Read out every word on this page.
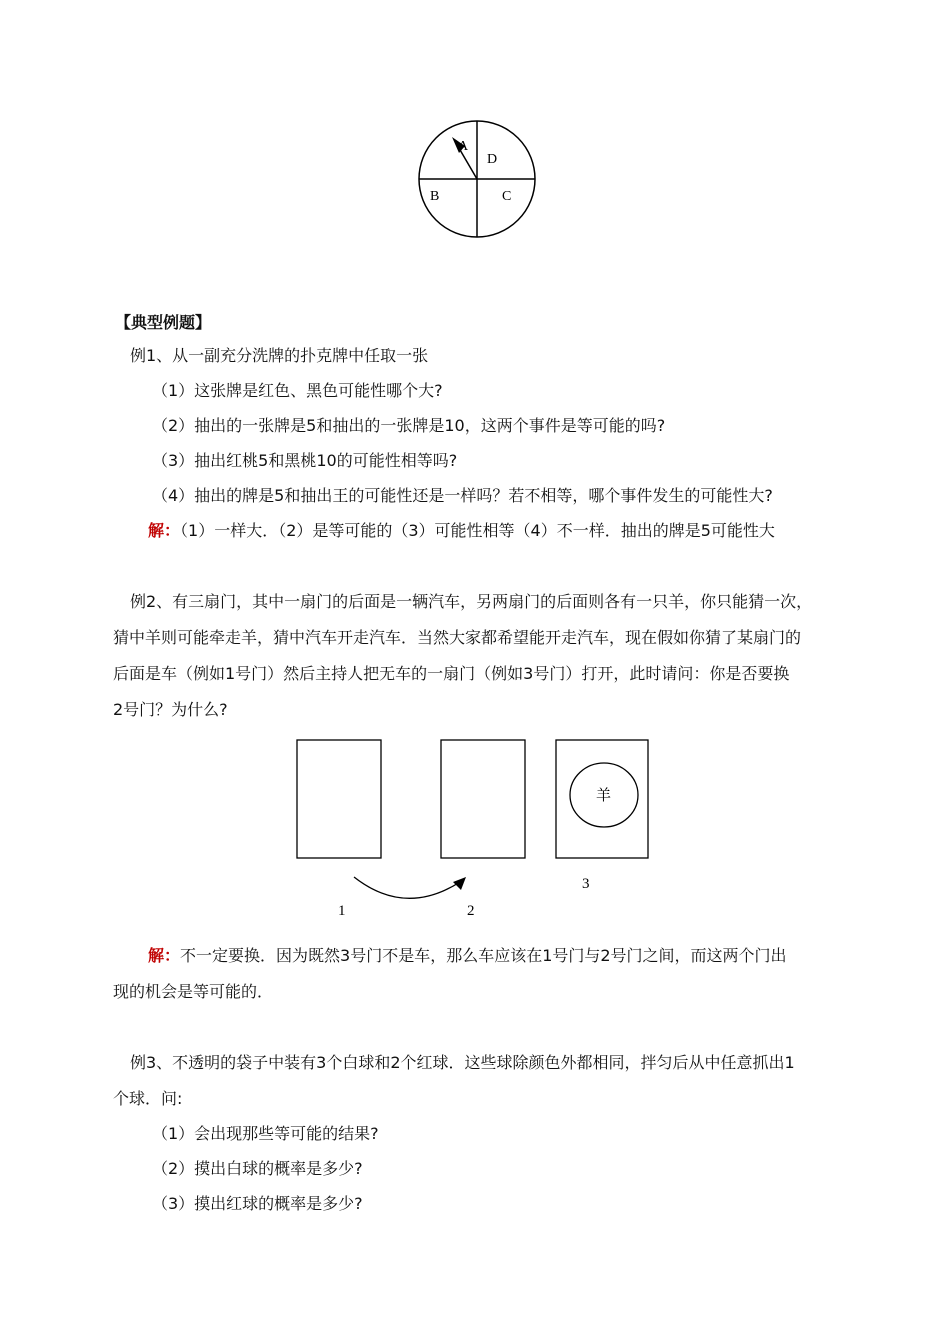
A
D
B	C
【典型例题】
例1、从一副充分洗牌的扑克牌中任取一张
（1）这张牌是红色、黑色可能性哪个大?
（2）抽出的一张牌是5和抽出的一张牌是10，这两个事件是等可能的吗?
（3）抽出红桃5和黑桃10的可能性相等吗?
（4）抽出的牌是5和抽出王的可能性还是一样吗？若不相等，哪个事件发生的可能性大?
解：（1）一样大．（2）是等可能的（3）可能性相等（4）不一样．抽出的牌是5可能性大
例2、有三扇门，其中一扇门的后面是一辆汽车，另两扇门的后面则各有一只羊，你只能猜一次，
猜中羊则可能牵走羊，猜中汽车开走汽车．当然大家都希望能开走汽车，现在假如你猜了某扇门的
后面是车（例如1号门）然后主持人把无车的一扇门（例如3号门）打开，此时请问：你是否要换
2号门？为什么?
羊
1	2
3
解：不一定要换．因为既然3号门不是车，那么车应该在1号门与2号门之间，而这两个门出
现的机会是等可能的．
例3、不透明的袋子中装有3个白球和2个红球．这些球除颜色外都相同，拌匀后从中任意抓出1
个球．问:
（1）会出现那些等可能的结果?
（2）摸出白球的概率是多少?
（3）摸出红球的概率是多少?
